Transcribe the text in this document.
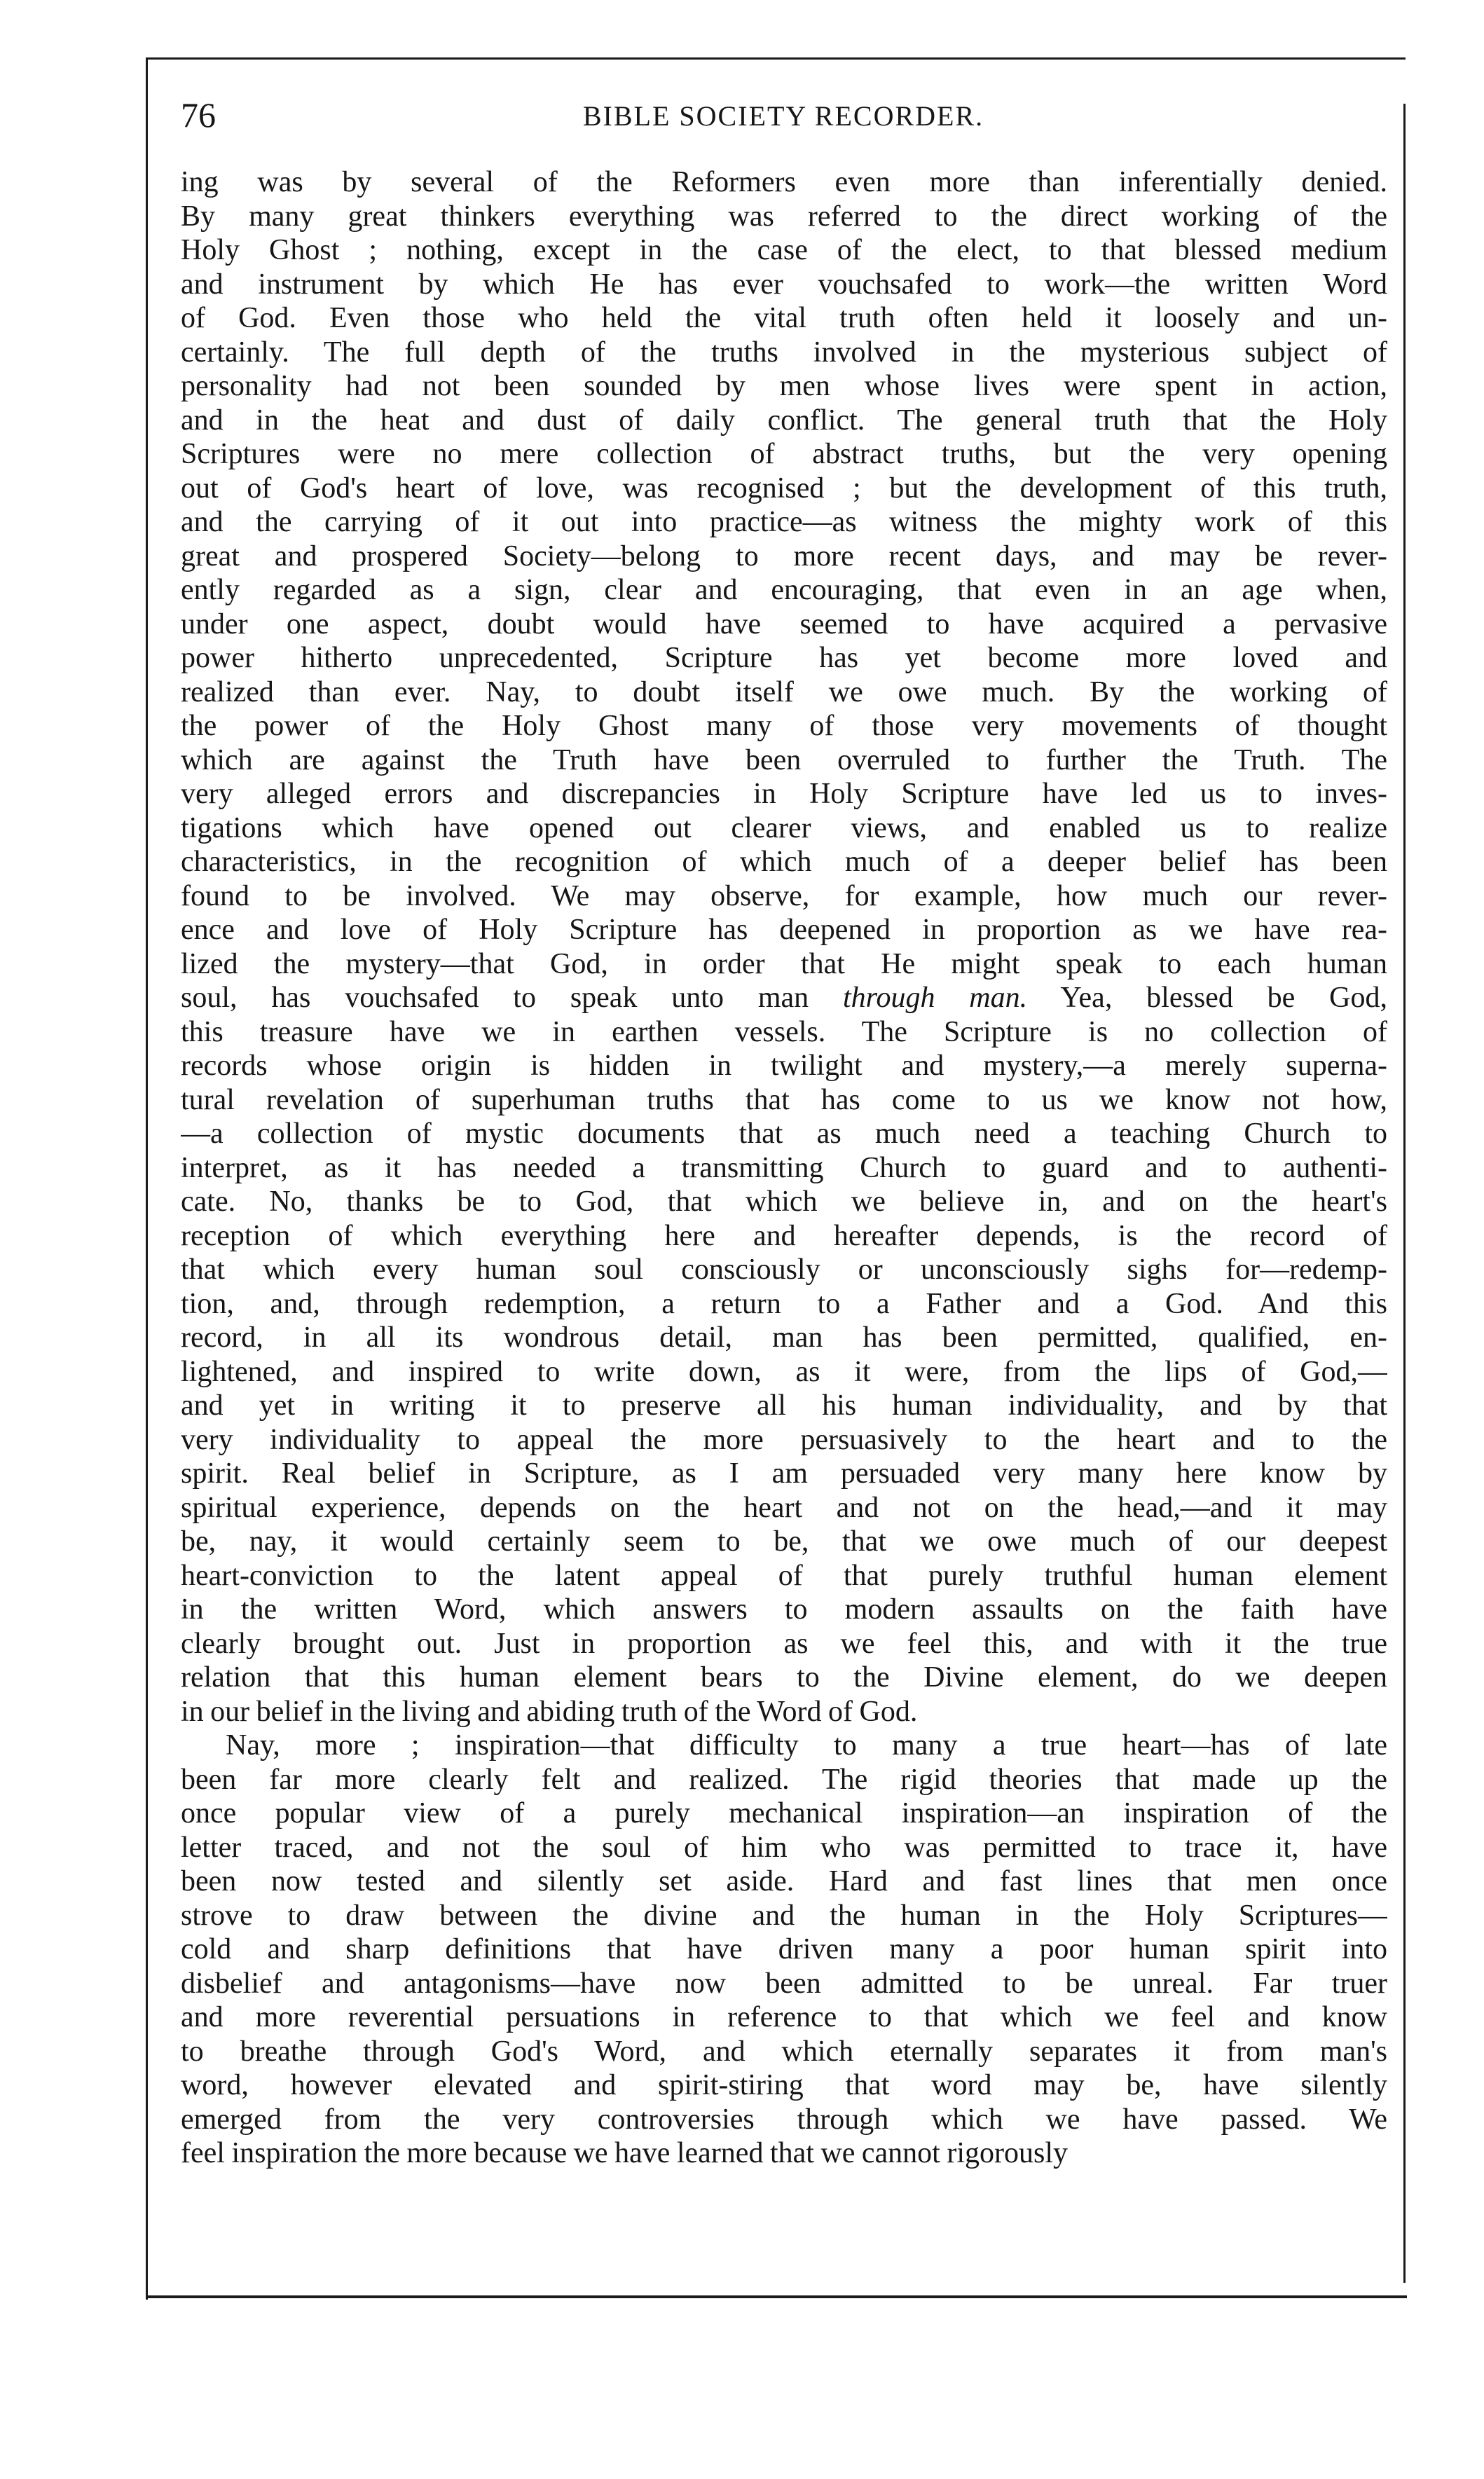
76	BIBLE SOCIETY RECORDER.
ing was by several of the Reformers even more than inferentially denied.
By many great thinkers everything was referred to the direct working of the
Holy Ghost ; nothing, except in the case of the elect, to that blessed medium
and instrument by which He has ever vouchsafed to work—the written Word
of God. Even those who held the vital truth often held it loosely and un-
certainly. The full depth of the truths involved in the mysterious subject of
personality had not been sounded by men whose lives were spent in action,
and in the heat and dust of daily conflict. The general truth that the Holy
Scriptures were no mere collection of abstract truths, but the very opening
out of God's heart of love, was recognised ; but the development of this truth,
and the carrying of it out into practice—as witness the mighty work of this
great and prospered Society—belong to more recent days, and may be rever-
ently regarded as a sign, clear and encouraging, that even in an age when,
under one aspect, doubt would have seemed to have acquired a pervasive
power hitherto unprecedented, Scripture has yet become more loved and
realized than ever. Nay, to doubt itself we owe much. By the working of
the power of the Holy Ghost many of those very movements of thought
which are against the Truth have been overruled to further the Truth. The
very alleged errors and discrepancies in Holy Scripture have led us to inves-
tigations which have opened out clearer views, and enabled us to realize
characteristics, in the recognition of which much of a deeper belief has been
found to be involved. We may observe, for example, how much our rever-
ence and love of Holy Scripture has deepened in proportion as we have rea-
lized the mystery—that God, in order that He might speak to each human
soul, has vouchsafed to speak unto man through man. Yea, blessed be God,
this treasure have we in earthen vessels. The Scripture is no collection of
records whose origin is hidden in twilight and mystery,—a merely superna-
tural revelation of superhuman truths that has come to us we know not how,
—a collection of mystic documents that as much need a teaching Church to
interpret, as it has needed a transmitting Church to guard and to authenti-
cate. No, thanks be to God, that which we believe in, and on the heart's
reception of which everything here and hereafter depends, is the record of
that which every human soul consciously or unconsciously sighs for—redemp-
tion, and, through redemption, a return to a Father and a God. And this
record, in all its wondrous detail, man has been permitted, qualified, en-
lightened, and inspired to write down, as it were, from the lips of God,—
and yet in writing it to preserve all his human individuality, and by that
very individuality to appeal the more persuasively to the heart and to the
spirit. Real belief in Scripture, as I am persuaded very many here know by
spiritual experience, depends on the heart and not on the head,—and it may
be, nay, it would certainly seem to be, that we owe much of our deepest
heart-conviction to the latent appeal of that purely truthful human element
in the written Word, which answers to modern assaults on the faith have
clearly brought out. Just in proportion as we feel this, and with it the true
relation that this human element bears to the Divine element, do we deepen
in our belief in the living and abiding truth of the Word of God.
Nay, more ; inspiration—that difficulty to many a true heart—has of late
been far more clearly felt and realized. The rigid theories that made up the
once popular view of a purely mechanical inspiration—an inspiration of the
letter traced, and not the soul of him who was permitted to trace it, have
been now tested and silently set aside. Hard and fast lines that men once
strove to draw between the divine and the human in the Holy Scriptures—
cold and sharp definitions that have driven many a poor human spirit into
disbelief and antagonisms—have now been admitted to be unreal. Far truer
and more reverential persuations in reference to that which we feel and know
to breathe through God's Word, and which eternally separates it from man's
word, however elevated and spirit-stiring that word may be, have silently
emerged from the very controversies through which we have passed. We
feel inspiration the more because we have learned that we cannot rigorously
